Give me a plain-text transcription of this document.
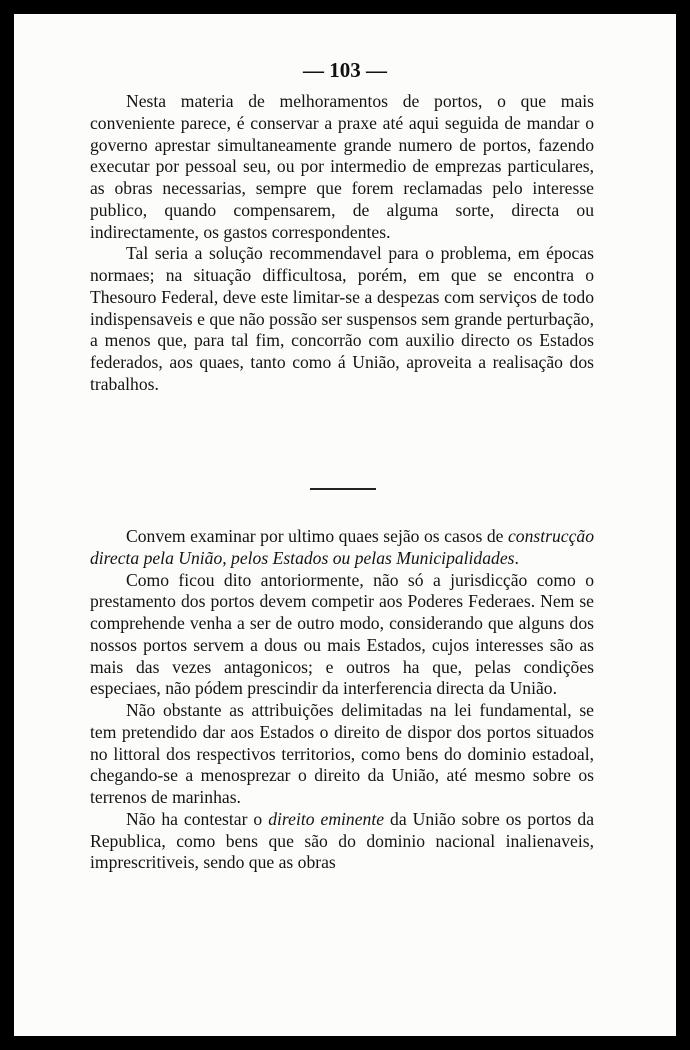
— 103 —

Nesta materia de melhoramentos de portos, o que mais conveniente parece, é conservar a praxe até aqui seguida de mandar o governo aprestar simultaneamente grande numero de portos, fazendo executar por pessoal seu, ou por intermedio de emprezas particulares, as obras necessarias, sempre que forem reclamadas pelo interesse publico, quando compensarem, de alguma sorte, directa ou indirectamente, os gastos correspondentes.

Tal seria a solução recommendavel para o problema, em épocas normaes; na situação difficultosa, porém, em que se encontra o Thesouro Federal, deve este limitar-se a despezas com serviços de todo indispensaveis e que não possão ser suspensos sem grande perturbação, a menos que, para tal fim, concorrão com auxilio directo os Estados federados, aos quaes, tanto como á União, aproveita a realisação dos trabalhos.

Convem examinar por ultimo quaes sejão os casos de construcção directa pela União, pelos Estados ou pelas Municipalidades.

Como ficou dito antoriormente, não só a jurisdicção como o prestamento dos portos devem competir aos Poderes Federaes. Nem se comprehende venha a ser de outro modo, considerando que alguns dos nossos portos servem a dous ou mais Estados, cujos interesses são as mais das vezes antagonicos; e outros ha que, pelas condições especiaes, não pódem prescindir da interferencia directa da União.

Não obstante as attribuições delimitadas na lei fundamental, se tem pretendido dar aos Estados o direito de dispor dos portos situados no littoral dos respectivos territorios, como bens do dominio estadoal, chegando-se a menosprezar o direito da União, até mesmo sobre os terrenos de marinhas.

Não ha contestar o direito eminente da União sobre os portos da Republica, como bens que são do dominio nacional inalienaveis, imprescritiveis, sendo que as obras
